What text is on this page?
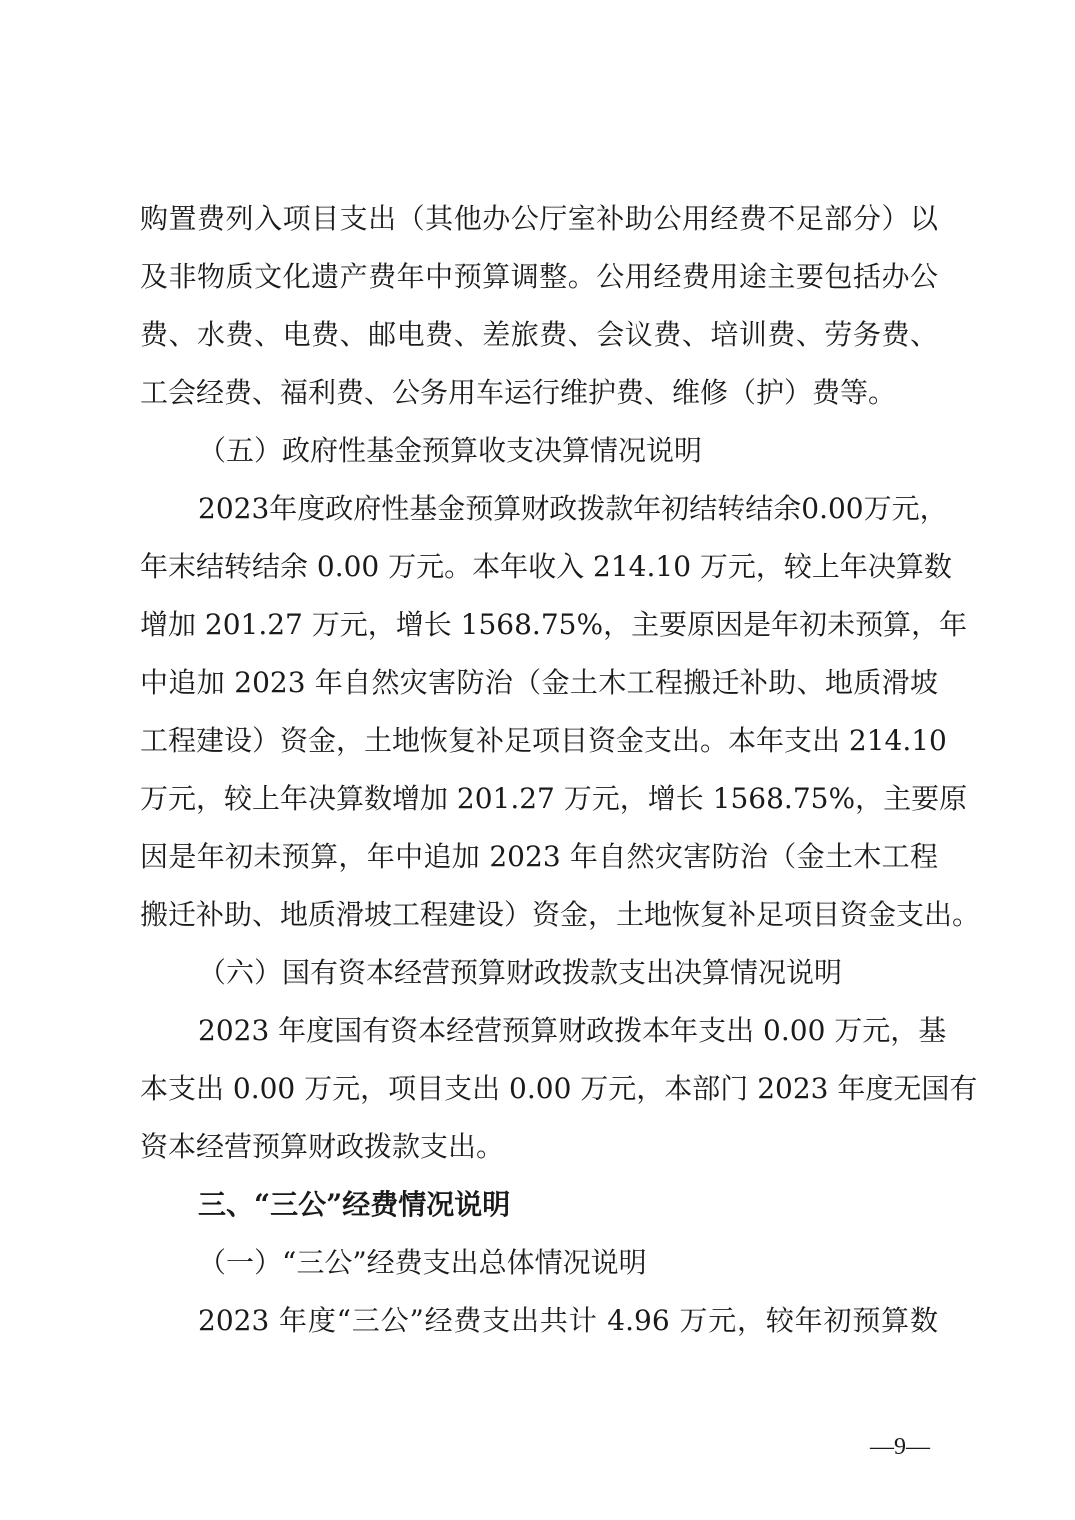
购置费列入项目支出（其他办公厅室补助公用经费不足部分）以
及非物质文化遗产费年中预算调整。公用经费用途主要包括办公
费、水费、电费、邮电费、差旅费、会议费、培训费、劳务费、
工会经费、福利费、公务用车运行维护费、维修（护）费等。
（五）政府性基金预算收支决算情况说明
2023年度政府性基金预算财政拨款年初结转结余0.00万元，
年末结转结余 0.00 万元。本年收入 214.10 万元，较上年决算数
增加 201.27 万元，增长 1568.75%，主要原因是年初未预算，年
中追加 2023 年自然灾害防治（金土木工程搬迁补助、地质滑坡
工程建设）资金，土地恢复补足项目资金支出。本年支出 214.10
万元，较上年决算数增加 201.27 万元，增长 1568.75%，主要原
因是年初未预算，年中追加 2023 年自然灾害防治（金土木工程
搬迁补助、地质滑坡工程建设）资金，土地恢复补足项目资金支出。
（六）国有资本经营预算财政拨款支出决算情况说明
2023 年度国有资本经营预算财政拨本年支出 0.00 万元，基
本支出 0.00 万元，项目支出 0.00 万元，本部门 2023 年度无国有
资本经营预算财政拨款支出。
三、“三公”经费情况说明
（一）“三公”经费支出总体情况说明
2023 年度“三公”经费支出共计 4.96 万元，较年初预算数
—9—
